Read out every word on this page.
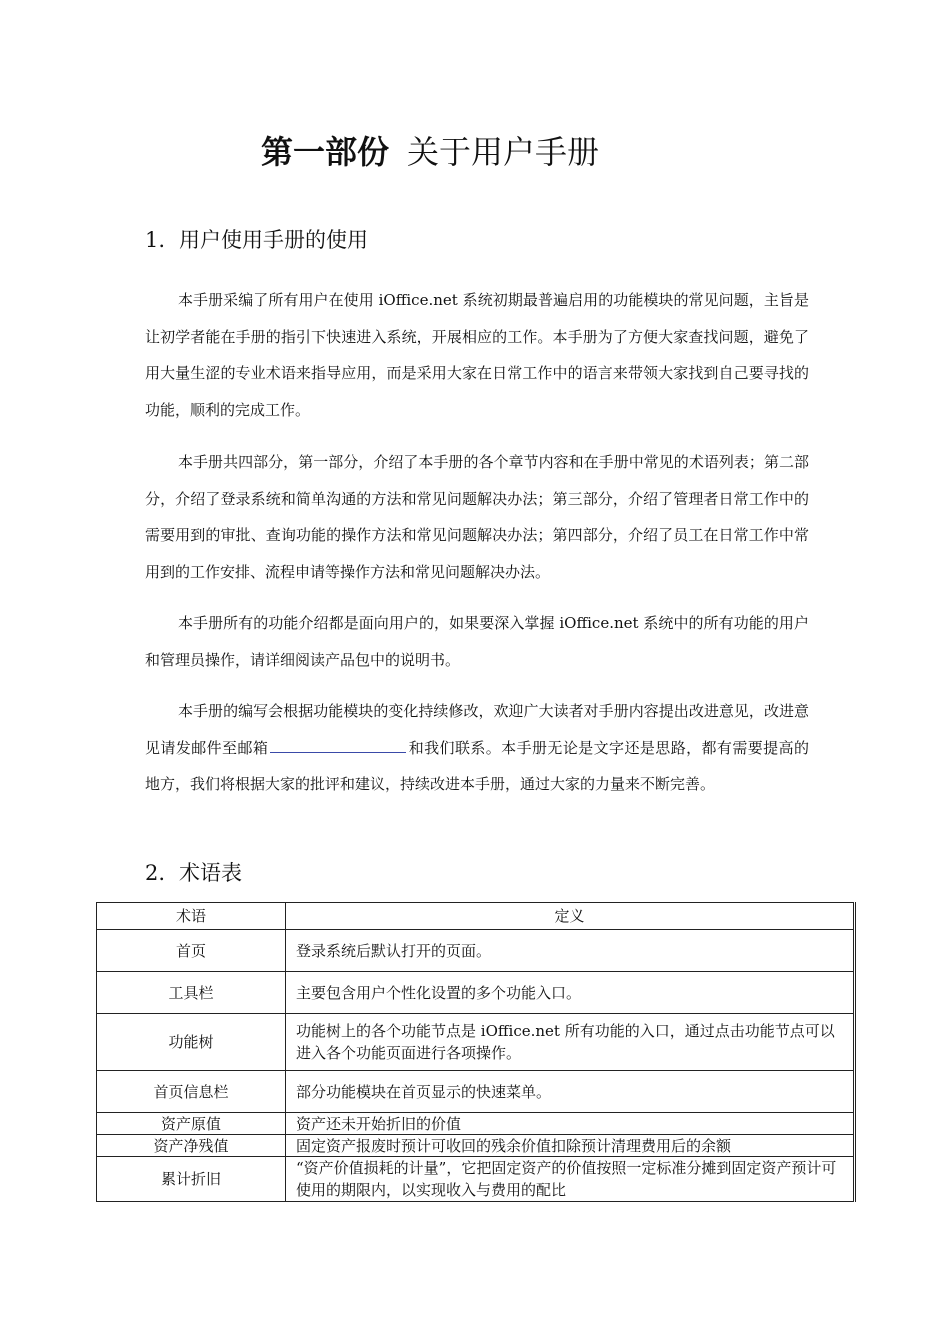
第一部份 关于用户手册
1. 用户使用手册的使用

本手册采编了所有用户在使用 iOffice.net 系统初期最普遍启用的功能模块的常见问题，主旨是让初学者能在手册的指引下快速进入系统，开展相应的工作。本手册为了方便大家查找问题，避免了用大量生涩的专业术语来指导应用，而是采用大家在日常工作中的语言来带领大家找到自己要寻找的功能，顺利的完成工作。

本手册共四部分，第一部分，介绍了本手册的各个章节内容和在手册中常见的术语列表；第二部分，介绍了登录系统和简单沟通的方法和常见问题解决办法；第三部分，介绍了管理者日常工作中的需要用到的审批、查询功能的操作方法和常见问题解决办法；第四部分，介绍了员工在日常工作中常用到的工作安排、流程申请等操作方法和常见问题解决办法。

本手册所有的功能介绍都是面向用户的，如果要深入掌握 iOffice.net 系统中的所有功能的用户和管理员操作，请详细阅读产品包中的说明书。

本手册的编写会根据功能模块的变化持续修改，欢迎广大读者对手册内容提出改进意见，改进意见请发邮件至邮箱	和我们联系。本手册无论是文字还是思路，都有需要提高的地方，我们将根据大家的批评和建议，持续改进本手册，通过大家的力量来不断完善。

2. 术语表
术语	定义
首页	登录系统后默认打开的页面。
工具栏	主要包含用户个性化设置的多个功能入口。
功能树	功能树上的各个功能节点是 iOffice.net 所有功能的入口，通过点击功能节点可以进入各个功能页面进行各项操作。
首页信息栏	部分功能模块在首页显示的快速菜单。
资产原值	资产还未开始折旧的价值
资产净残值	固定资产报废时预计可收回的残余价值扣除预计清理费用后的余额
累计折旧	“资产价值损耗的计量”，它把固定资产的价值按照一定标准分摊到固定资产预计可使用的期限内，以实现收入与费用的配比
